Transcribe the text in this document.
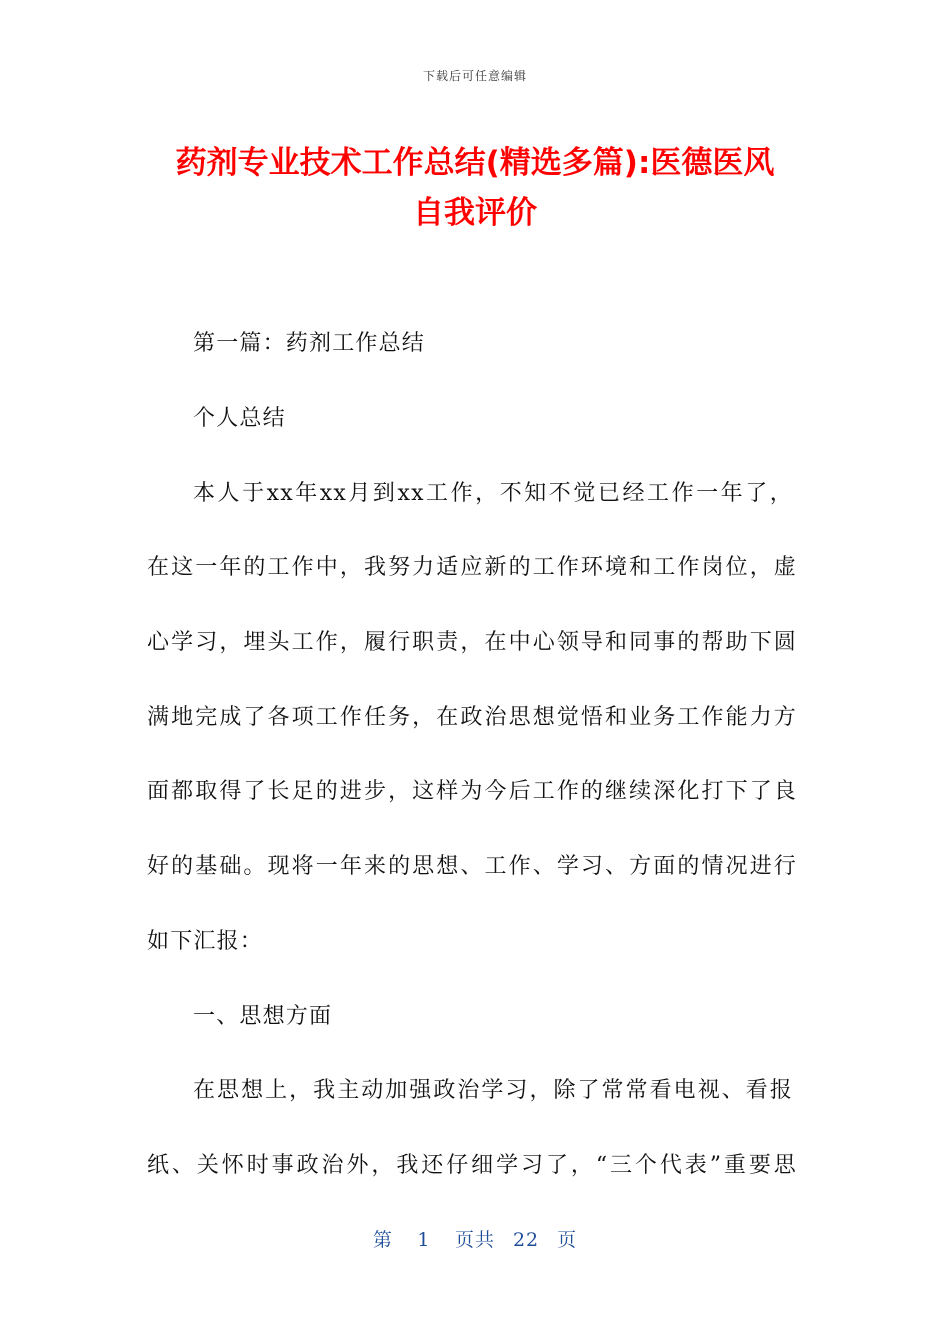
下载后可任意编辑
药剂专业技术工作总结(精选多篇):医德医风
自我评价

第一篇：药剂工作总结

个人总结

本人于xx年xx月到xx工作，不知不觉已经工作一年了，

在这一年的工作中，我努力适应新的工作环境和工作岗位，虚

心学习，埋头工作，履行职责，在中心领导和同事的帮助下圆

满地完成了各项工作任务，在政治思想觉悟和业务工作能力方

面都取得了长足的进步，这样为今后工作的继续深化打下了良

好的基础。现将一年来的思想、工作、学习、方面的情况进行

如下汇报：

一、思想方面

在思想上，我主动加强政治学习，除了常常看电视、看报

纸、关怀时事政治外，我还仔细学习了，“三个代表”重要思

第 1 页共 22 页
